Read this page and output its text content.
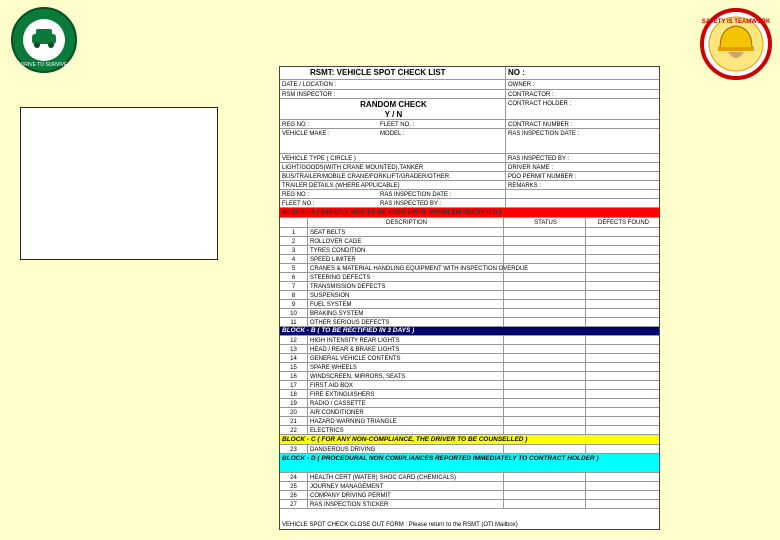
DRIVE TO SURVIVE
SAFETY IS TEAMWORK
RSMT: VEHICLE SPOT CHECK LIST	NO :
DATE / LOCATION :	OWNER :
RSM INSPECTOR :	CONTRACTOR :
RANDOM CHECK
Y / N
CONTRACT HOLDER :
REG NO :	FLEET NO. :	CONTRACT NUMBER :
VEHICLE MAKE :	MODEL :	RAS INSPECTION DATE :
VEHICLE TYPE ( CIRCLE )	RAS INSPECTED BY :
LIGHT/GOODS(WITH CRANE MOUNTED),TANKER	DRIVER NAME :
BUS/TRAILER/MOBILE CRANE/FORKLIFT/GRADER/OTHER	PDO PERMIT NUMBER :
TRAILER DETAILS (WHERE APPLICABLE)	REMARKS :
REG NO :	RAS INSPECTION DATE :
FLEET NO :	RAS INSPECTED BY :
BLOCK - A ( VEHICLE NOT TO BE USED UNTIL PROBLEM RECTIFIED )
DESCRIPTION	STATUS	DEFECTS FOUND
1	SEAT BELTS
2	ROLLOVER CAGE
3	TYRES CONDITION
4	SPEED LIMITER
5	CRANES & MATERIAL HANDLING EQUIPMENT WITH INSPECTION OVERDUE
6	STEERING DEFECTS
7	TRANSMISSION DEFECTS
8	SUSPENSION
9	FUEL SYSTEM
10	BRAKING SYSTEM
11	OTHER SERIOUS DEFECTS
BLOCK - B ( TO BE RECTIFIED IN 3 DAYS )
12	HIGH INTENSITY REAR LIGHTS
13	HEAD / REAR & BRAKE LIGHTS
14	GENERAL VEHICLE CONTENTS
15	SPARE WHEELS
16	WINDSCREEN, MIRRORS, SEATS
17	FIRST AID BOX
18	FIRE EXTINGUISHERS
19	RADIO / CASSETTE
20	AIR CONDITIONER
21	HAZARD WARNING TRIANGLE
22	ELECTRICS
BLOCK - C ( FOR ANY NON-COMPLIANCE, THE DRIVER TO BE COUNSELLED )
23	DANGEROUS DRIVING
BLOCK - D ( PROCEDURAL NON COMPLIANCES REPORTED IMMEDIATELY TO CONTRACT HOLDER )
24	HEALTH CERT (WATER) SHOC CARD (CHEMICALS)
25	JOURNEY MANAGEMENT
26	COMPANY DRIVING PERMIT
27	RAS INSPECTION STICKER
VEHICLE SPOT CHECK CLOSE OUT FORM : Please return to the RSMT (OTI Mailbox)
